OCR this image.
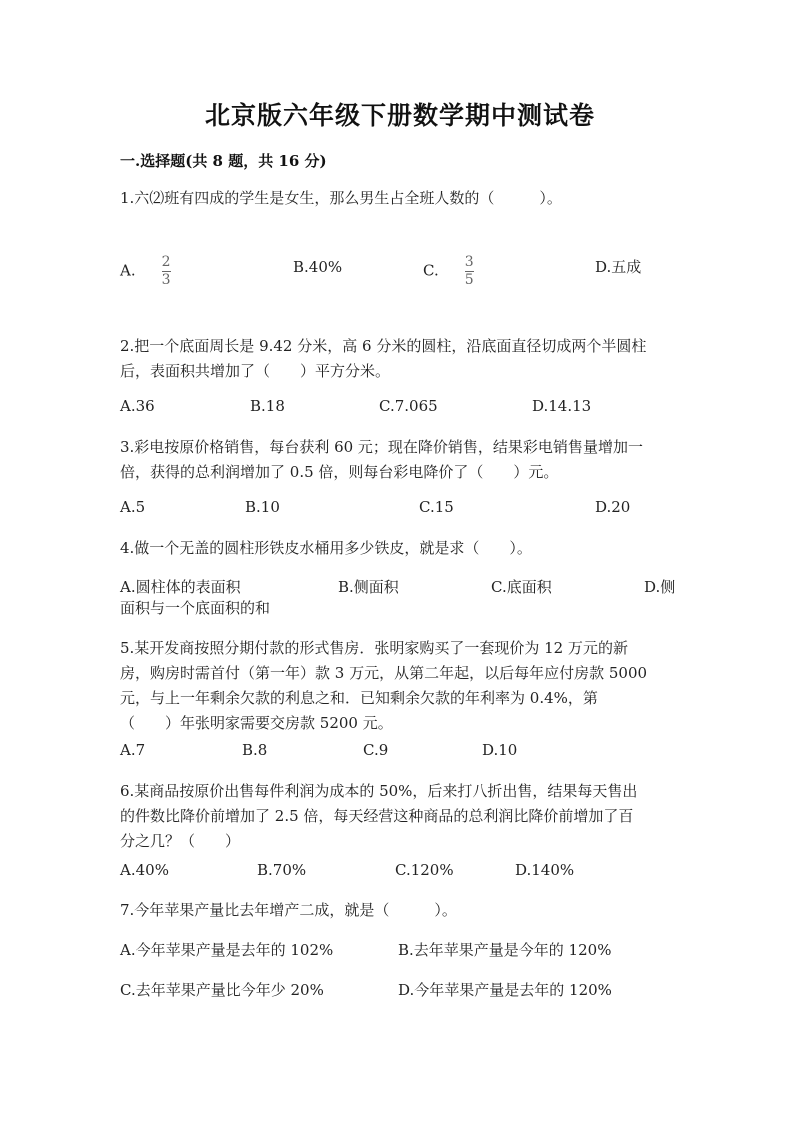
北京版六年级下册数学期中测试卷
一.选择题(共 8 题，共 16 分)
1.六⑵班有四成的学生是女生，那么男生占全班人数的（　　　）。
A. $\frac{2}{3}$	B.40%	C. $\frac{3}{5}$	D.五成
2.把一个底面周长是 9.42 分米，高 6 分米的圆柱，沿底面直径切成两个半圆柱
后，表面积共增加了（　　）平方分米。
A.36	B.18	C.7.065	D.14.13
3.彩电按原价格销售，每台获利 60 元；现在降价销售，结果彩电销售量增加一
倍，获得的总利润增加了 0.5 倍，则每台彩电降价了（　　）元。
A.5	B.10	C.15	D.20
4.做一个无盖的圆柱形铁皮水桶用多少铁皮，就是求（　　）。
A.圆柱体的表面积	B.侧面积	C.底面积	D.侧
面积与一个底面积的和
5.某开发商按照分期付款的形式售房．张明家购买了一套现价为 12 万元的新
房，购房时需首付（第一年）款 3 万元，从第二年起，以后每年应付房款 5000
元，与上一年剩余欠款的利息之和．已知剩余欠款的年利率为 0.4%，第
（　　）年张明家需要交房款 5200 元。
A.7	B.8	C.9	D.10
6.某商品按原价出售每件利润为成本的 50%，后来打八折出售，结果每天售出
的件数比降价前增加了 2.5 倍，每天经营这种商品的总利润比降价前增加了百
分之几？（　　）
A.40%	B.70%	C.120%	D.140%
7.今年苹果产量比去年增产二成，就是（　　　）。
A.今年苹果产量是去年的 102%	B.去年苹果产量是今年的 120%
C.去年苹果产量比今年少 20%	D.今年苹果产量是去年的 120%
